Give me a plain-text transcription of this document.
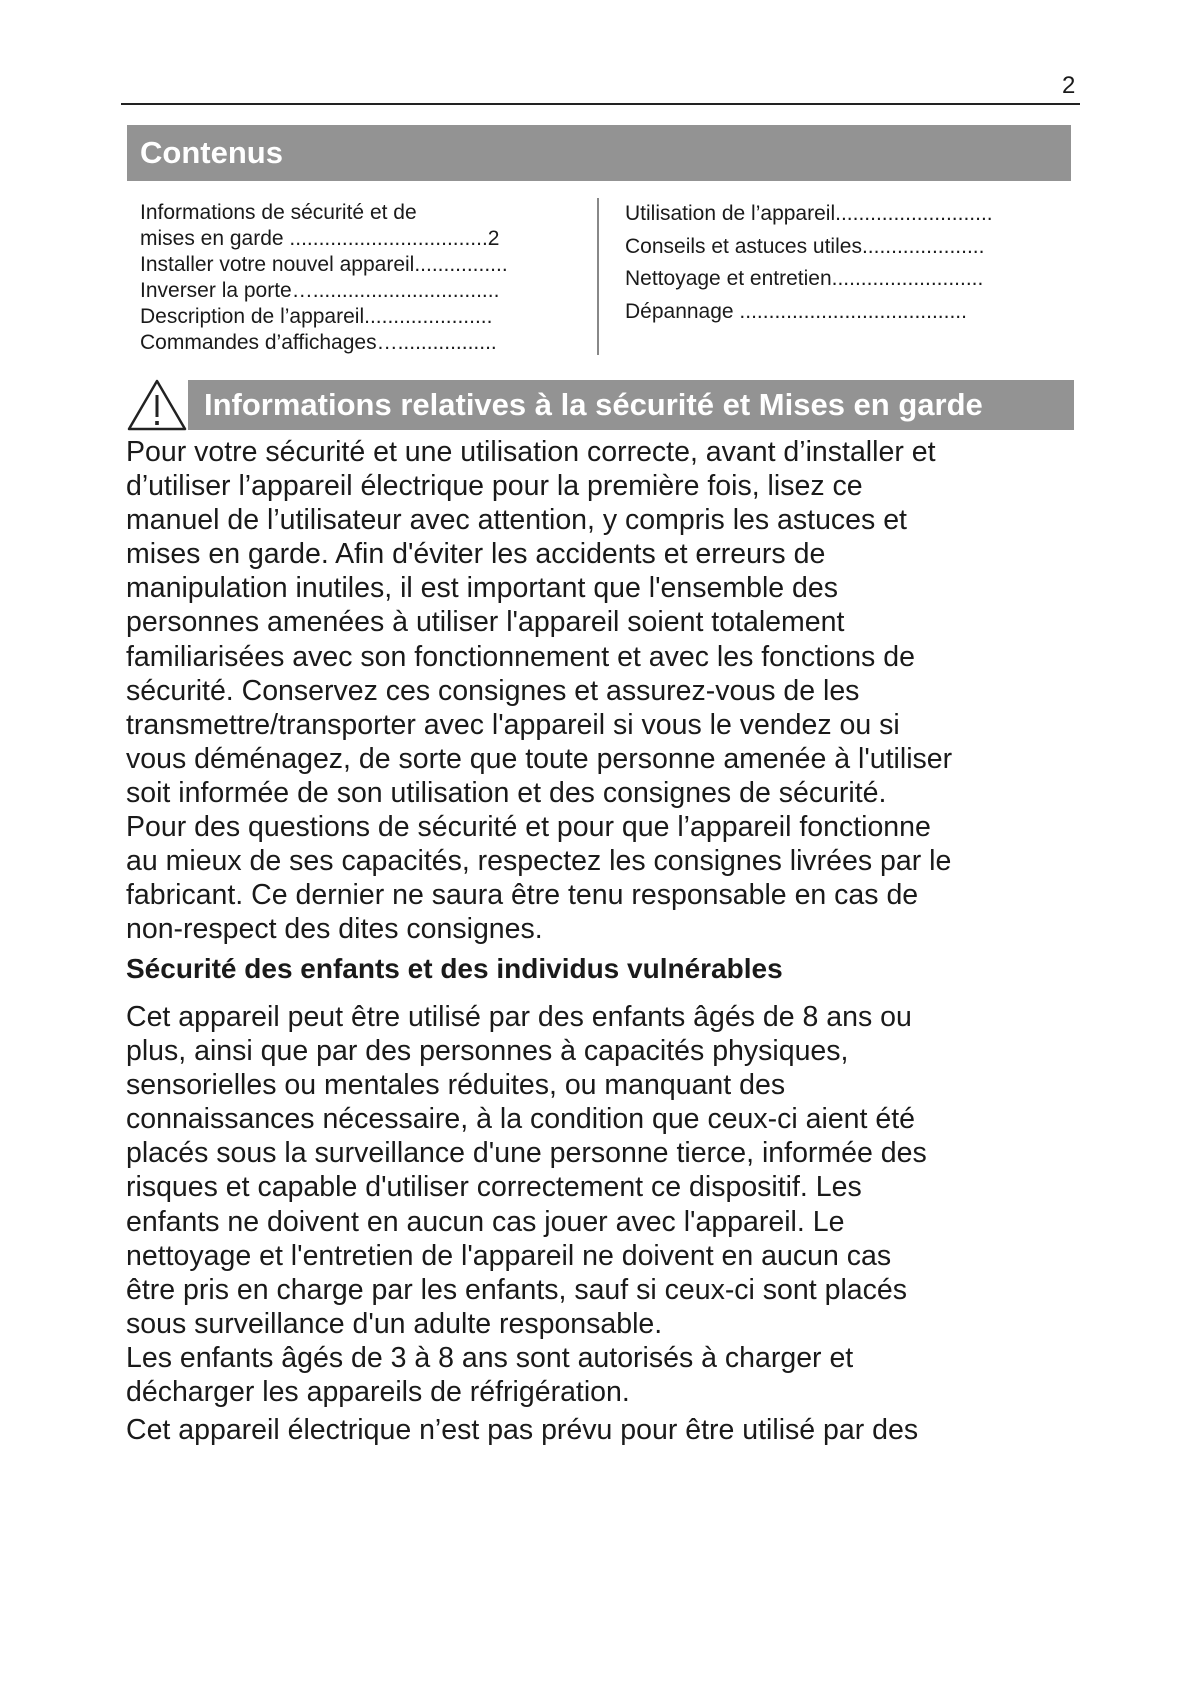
2
Contenus
Informations de sécurité et de
mises en garde ..................................2
Installer votre nouvel appareil................
Inverser la porte…................................
Description de l’appareil......................
Commandes d’affichages….................
Utilisation de l’appareil...........................
Conseils et astuces utiles.....................
Nettoyage et entretien..........................
Dépannage .......................................
Informations relatives à la sécurité et Mises en garde
Pour votre sécurité et une utilisation correcte, avant d’installer et
d’utiliser l’appareil électrique pour la première fois, lisez ce
manuel de l’utilisateur avec attention, y compris les astuces et
mises en garde. Afin d'éviter les accidents et erreurs de
manipulation inutiles, il est important que l'ensemble des
personnes amenées à utiliser l'appareil soient totalement
familiarisées avec son fonctionnement et avec les fonctions de
sécurité. Conservez ces consignes et assurez-vous de les
transmettre/transporter avec l'appareil si vous le vendez ou si
vous déménagez, de sorte que toute personne amenée à l'utiliser
soit informée de son utilisation et des consignes de sécurité.
Pour des questions de sécurité et pour que l’appareil fonctionne
au mieux de ses capacités, respectez les consignes livrées par le
fabricant. Ce dernier ne saura être tenu responsable en cas de
non-respect des dites consignes.
Sécurité des enfants et des individus vulnérables
Cet appareil peut être utilisé par des enfants âgés de 8 ans ou
plus, ainsi que par des personnes à capacités physiques,
sensorielles ou mentales réduites, ou manquant des
connaissances nécessaire, à la condition que ceux-ci aient été
placés sous la surveillance d'une personne tierce, informée des
risques et capable d'utiliser correctement ce dispositif. Les
enfants ne doivent en aucun cas jouer avec l'appareil. Le
nettoyage et l'entretien de l'appareil ne doivent en aucun cas
être pris en charge par les enfants, sauf si ceux-ci sont placés
sous surveillance d'un adulte responsable.
Les enfants âgés de 3 à 8 ans sont autorisés à charger et
décharger les appareils de réfrigération.
Cet appareil électrique n’est pas prévu pour être utilisé par des
